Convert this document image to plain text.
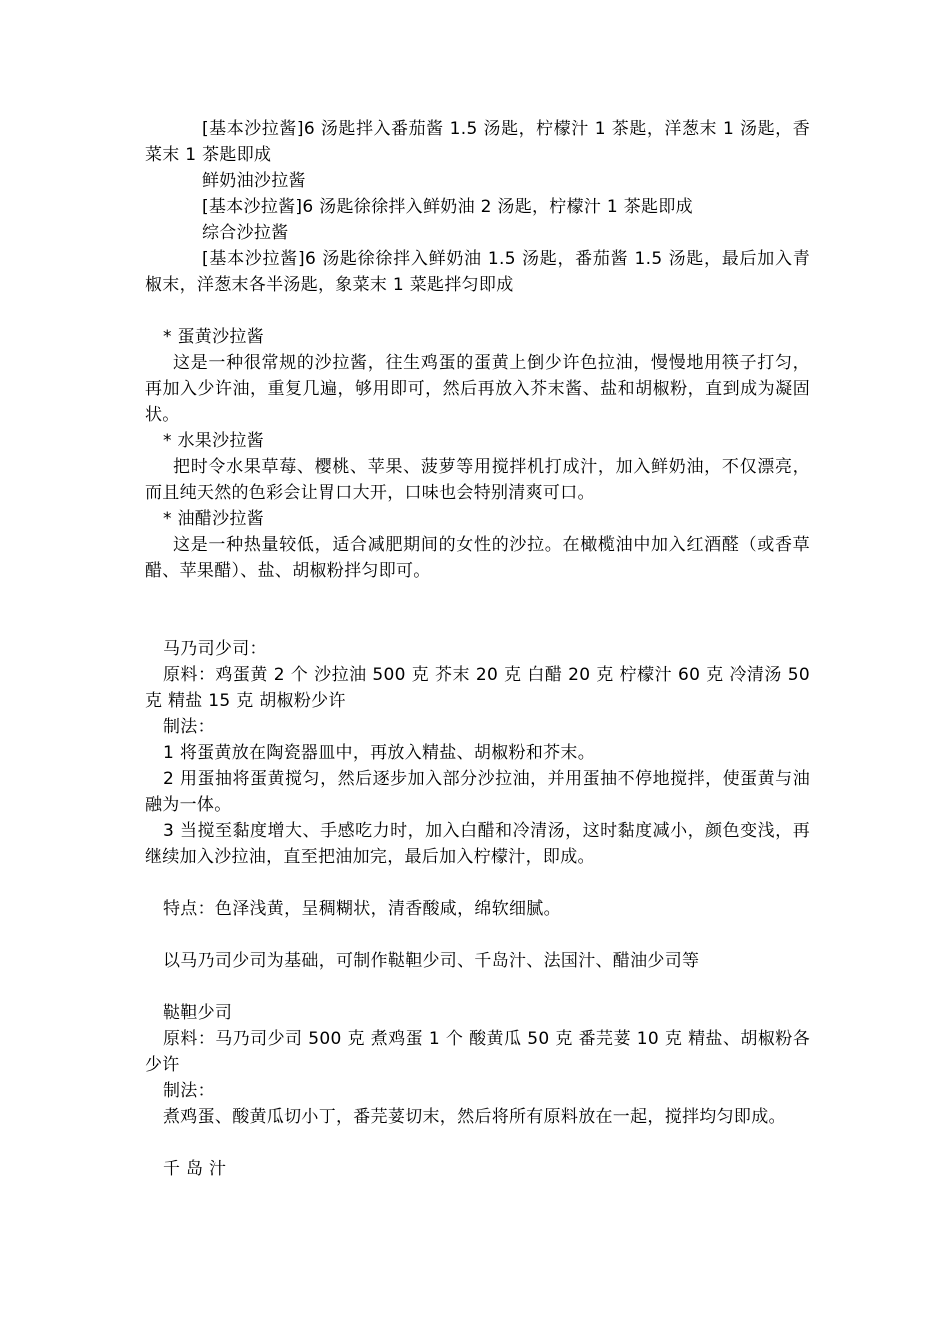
[基本沙拉酱]6 汤匙拌入番茄酱 1.5 汤匙，柠檬汁 1 茶匙，洋葱末 1 汤匙，香菜末 1 茶匙即成

鲜奶油沙拉酱

[基本沙拉酱]6 汤匙徐徐拌入鲜奶油 2 汤匙，柠檬汁 1 茶匙即成

综合沙拉酱

[基本沙拉酱]6 汤匙徐徐拌入鲜奶油 1.5 汤匙，番茄酱 1.5 汤匙，最后加入青椒末，洋葱末各半汤匙，象菜末 1 菜匙拌匀即成

* 蛋黄沙拉酱

这是一种很常规的沙拉酱，往生鸡蛋的蛋黄上倒少许色拉油，慢慢地用筷子打匀，再加入少许油，重复几遍，够用即可，然后再放入芥末酱、盐和胡椒粉，直到成为凝固状。

* 水果沙拉酱

把时令水果草莓、樱桃、苹果、菠萝等用搅拌机打成汁，加入鲜奶油，不仅漂亮，而且纯天然的色彩会让胃口大开，口味也会特别清爽可口。

* 油醋沙拉酱

这是一种热量较低，适合减肥期间的女性的沙拉。在橄榄油中加入红酒醛（或香草醋、苹果醋）、盐、胡椒粉拌匀即可。

马乃司少司：

原料：鸡蛋黄 2 个 沙拉油 500 克 芥末 20 克 白醋 20 克 柠檬汁 60 克 冷清汤 50 克 精盐 15 克 胡椒粉少许

制法：

1 将蛋黄放在陶瓷器皿中，再放入精盐、胡椒粉和芥末。

2 用蛋抽将蛋黄搅匀，然后逐步加入部分沙拉油，并用蛋抽不停地搅拌，使蛋黄与油融为一体。

3 当搅至黏度增大、手感吃力时，加入白醋和冷清汤，这时黏度减小，颜色变浅，再继续加入沙拉油，直至把油加完，最后加入柠檬汁，即成。

特点：色泽浅黄，呈稠糊状，清香酸咸，绵软细腻。

以马乃司少司为基础，可制作鞑靼少司、千岛汁、法国汁、醋油少司等

鞑靼少司

原料：马乃司少司 500 克 煮鸡蛋 1 个 酸黄瓜 50 克 番芫荽 10 克 精盐、胡椒粉各少许

制法：

煮鸡蛋、酸黄瓜切小丁，番芫荽切末，然后将所有原料放在一起，搅拌均匀即成。

千 岛 汁
